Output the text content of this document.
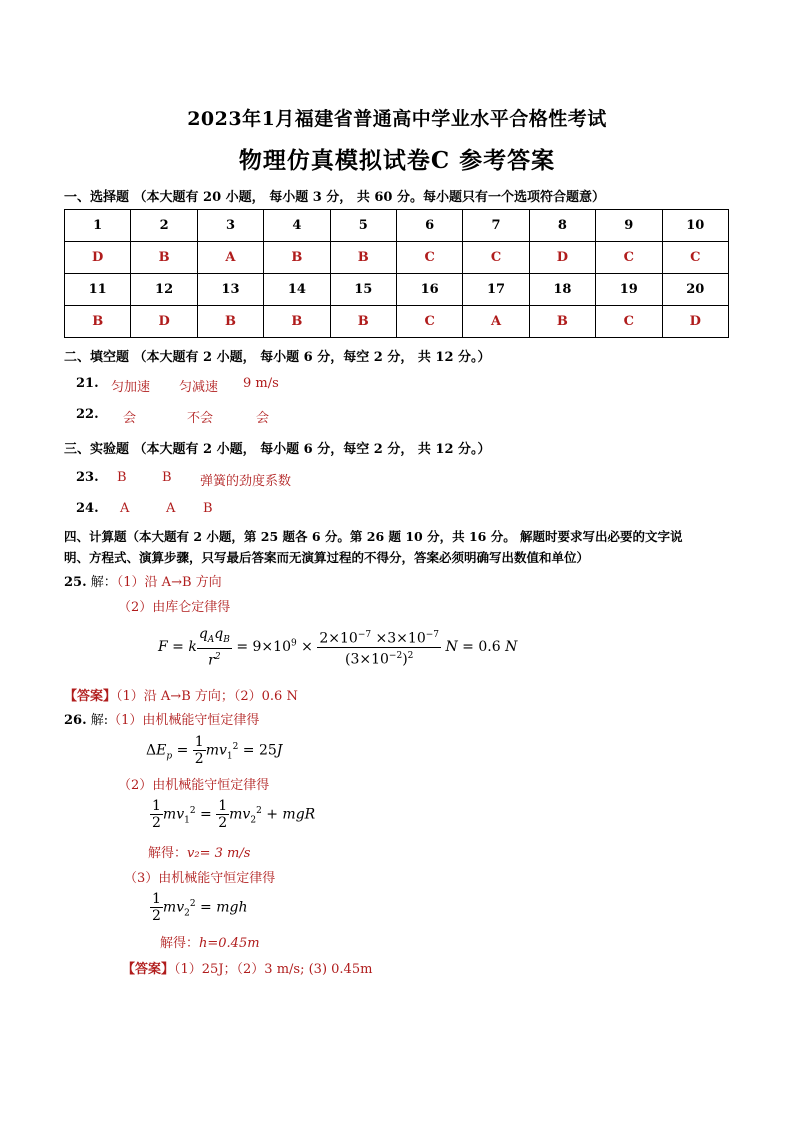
2023年1月福建省普通高中学业水平合格性考试
物理仿真模拟试卷C 参考答案
一、选择题 （本大题有 20 小题， 每小题 3 分， 共 60 分。每小题只有一个选项符合题意）
1	2	3	4	5	6	7	8	9	10
D	B	A	B	B	C	C	D	C	C
11	12	13	14	15	16	17	18	19	20
B	D	B	B	B	C	A	B	C	D
二、填空题 （本大题有 2 小题， 每小题 6 分，每空 2 分， 共 12 分。）
21. 匀加速 匀减速 9 m/s
22. 会	不会	会
三、实验题 （本大题有 2 小题， 每小题 6 分，每空 2 分， 共 12 分。）
23. B	B 弹簧的劲度系数
24. A	A B
四、计算题（本大题有 2 小题，第 25 题各 6 分。第 26 题 10 分，共 16 分。 解题时要求写出必要的文字说
明、方程式、演算步骤，只写最后答案而无演算过程的不得分，答案必须明确写出数值和单位）
25. 解：（1）沿 A→B 方向
（2）由库仑定律得
F = k $\frac{q_Aq_B}{r^2} = 9\times 10^9 \times \frac{2\times 10^{-7} \times 3\times 10^{-7}}{(3\times 10^{-2})^2}$ N = 0.6 N
【答案】（1）沿 A→B 方向；（2）0.6 N
26. 解:（1）由机械能守恒定律得
$\Delta E_p = \frac{1}{2} mv_1^2 = 25J$
（2）由机械能守恒定律得
$\frac{1}{2} mv_1^2 = \frac{1}{2} mv_2^2$ + mgR
解得：v₂= 3 m/s
（3）由机械能守恒定律得
$\frac{1}{2} mv_2^2$ = mgh
解得：h=0.45m
【答案】（1）25J；（2）3 m/s; (3) 0.45m
